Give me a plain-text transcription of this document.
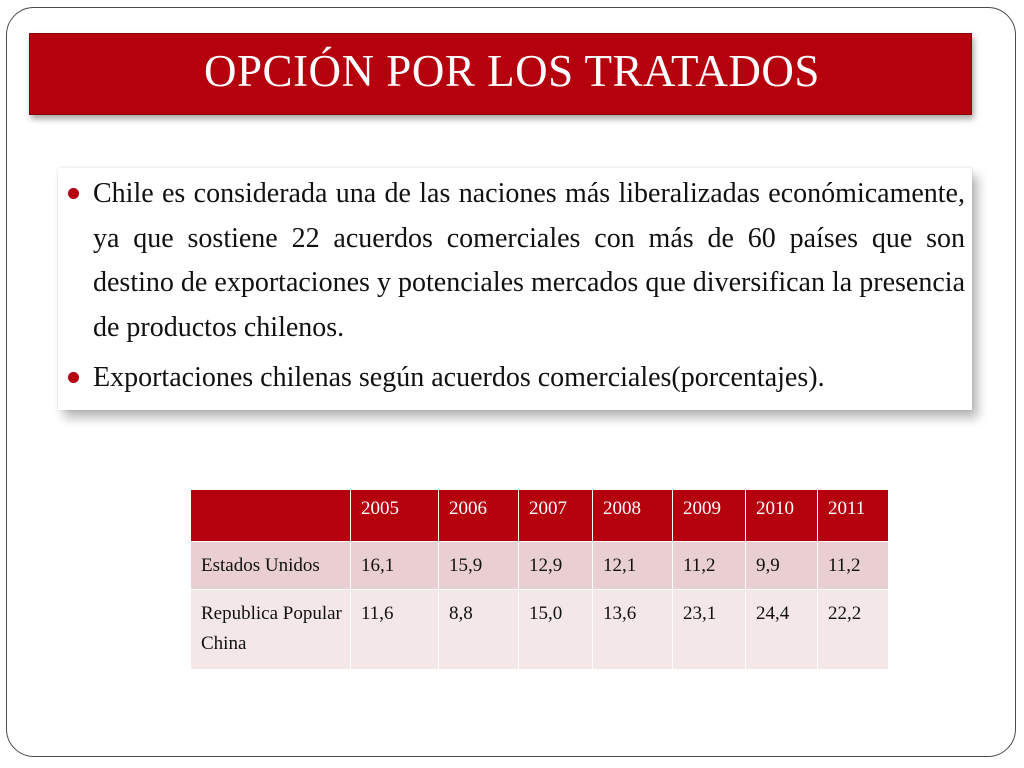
OPCIÓN POR LOS TRATADOS
Chile es considerada una de las naciones más liberalizadas económicamente, ya que sostiene 22 acuerdos comerciales con más de 60 países que son destino de exportaciones y potenciales mercados que diversifican la presencia de productos chilenos.
Exportaciones chilenas según acuerdos comerciales(porcentajes).
	2005	2006	2007	2008	2009	2010	2011
Estados Unidos	16,1	15,9	12,9	12,1	11,2	9,9	11,2
Republica Popular China	11,6	8,8	15,0	13,6	23,1	24,4	22,2
